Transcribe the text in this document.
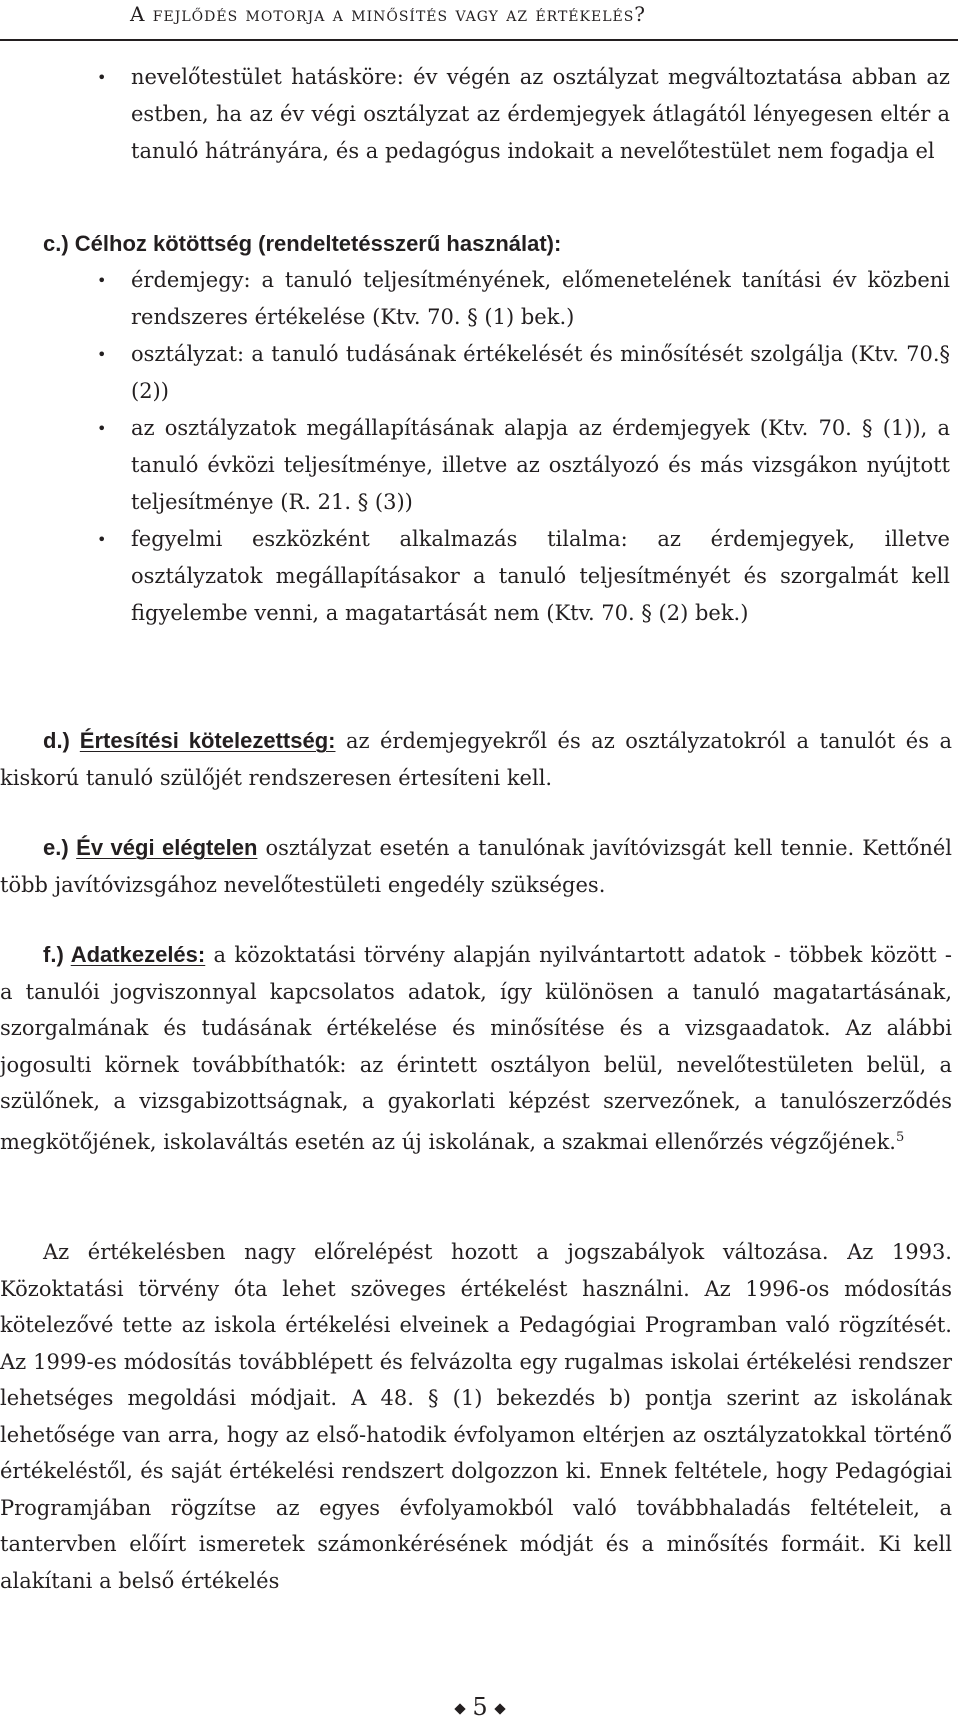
A fejlődés motorja a minősítés vagy az értékelés?
• nevelőtestület hatásköre: év végén az osztályzat megváltoztatása abban az estben, ha az év végi osztályzat az érdemjegyek átlagától lényegesen eltér a tanuló hátrányára, és a pedagógus indokait a nevelőtestület nem fogadja el
c.) Célhoz kötöttség (rendeltetésszerű használat):
• érdemjegy: a tanuló teljesítményének, előmenetelének tanítási év közbeni rendszeres értékelése (Ktv. 70. § (1) bek.)
• osztályzat: a tanuló tudásának értékelését és minősítését szolgálja (Ktv. 70.§ (2))
• az osztályzatok megállapításának alapja az érdemjegyek (Ktv. 70. § (1)), a tanuló évközi teljesítménye, illetve az osztályozó és más vizsgákon nyújtott teljesítménye (R. 21. § (3))
• fegyelmi eszközként alkalmazás tilalma: az érdemjegyek, illetve osztályzatok megállapításakor a tanuló teljesítményét és szorgalmát kell figyelembe venni, a magatartását nem (Ktv. 70. § (2) bek.)

d.) Értesítési kötelezettség: az érdemjegyekről és az osztályzatokról a tanulót és a kiskorú tanuló szülőjét rendszeresen értesíteni kell.

e.) Év végi elégtelen osztályzat esetén a tanulónak javítóvizsgát kell tennie. Kettőnél több javítóvizsgához nevelőtestületi engedély szükséges.

f.) Adatkezelés: a közoktatási törvény alapján nyilvántartott adatok - többek között - a tanulói jogviszonnyal kapcsolatos adatok, így különösen a tanuló magatartásának, szorgalmának és tudásának értékelése és minősítése és a vizsgaadatok. Az alábbi jogosulti körnek továbbíthatók: az érintett osztályon belül, nevelőtestületen belül, a szülőnek, a vizsgabizottságnak, a gyakorlati képzést szervezőnek, a tanulószerződés megkötőjének, iskolaváltás esetén az új iskolának, a szakmai ellenőrzés végzőjének.$^5$

Az értékelésben nagy előrelépést hozott a jogszabályok változása. Az 1993. Közoktatási törvény óta lehet szöveges értékelést használni. Az 1996-os módosítás kötelezővé tette az iskola értékelési elveinek a Pedagógiai Programban való rögzítését. Az 1999-es módosítás továbblépett és felvázolta egy rugalmas iskolai értékelési rendszer lehetséges megoldási módjait. A 48. § (1) bekezdés b) pontja szerint az iskolának lehetősége van arra, hogy az első-hatodik évfolyamon eltérjen az osztályzatokkal történő értékeléstől, és saját értékelési rendszert dolgozzon ki. Ennek feltétele, hogy Pedagógiai Programjában rögzítse az egyes évfolyamokból való továbbhaladás feltételeit, a tantervben előírt ismeretek számonkérésének módját és a minősítés formáit. Ki kell alakítani a belső értékelés

5
